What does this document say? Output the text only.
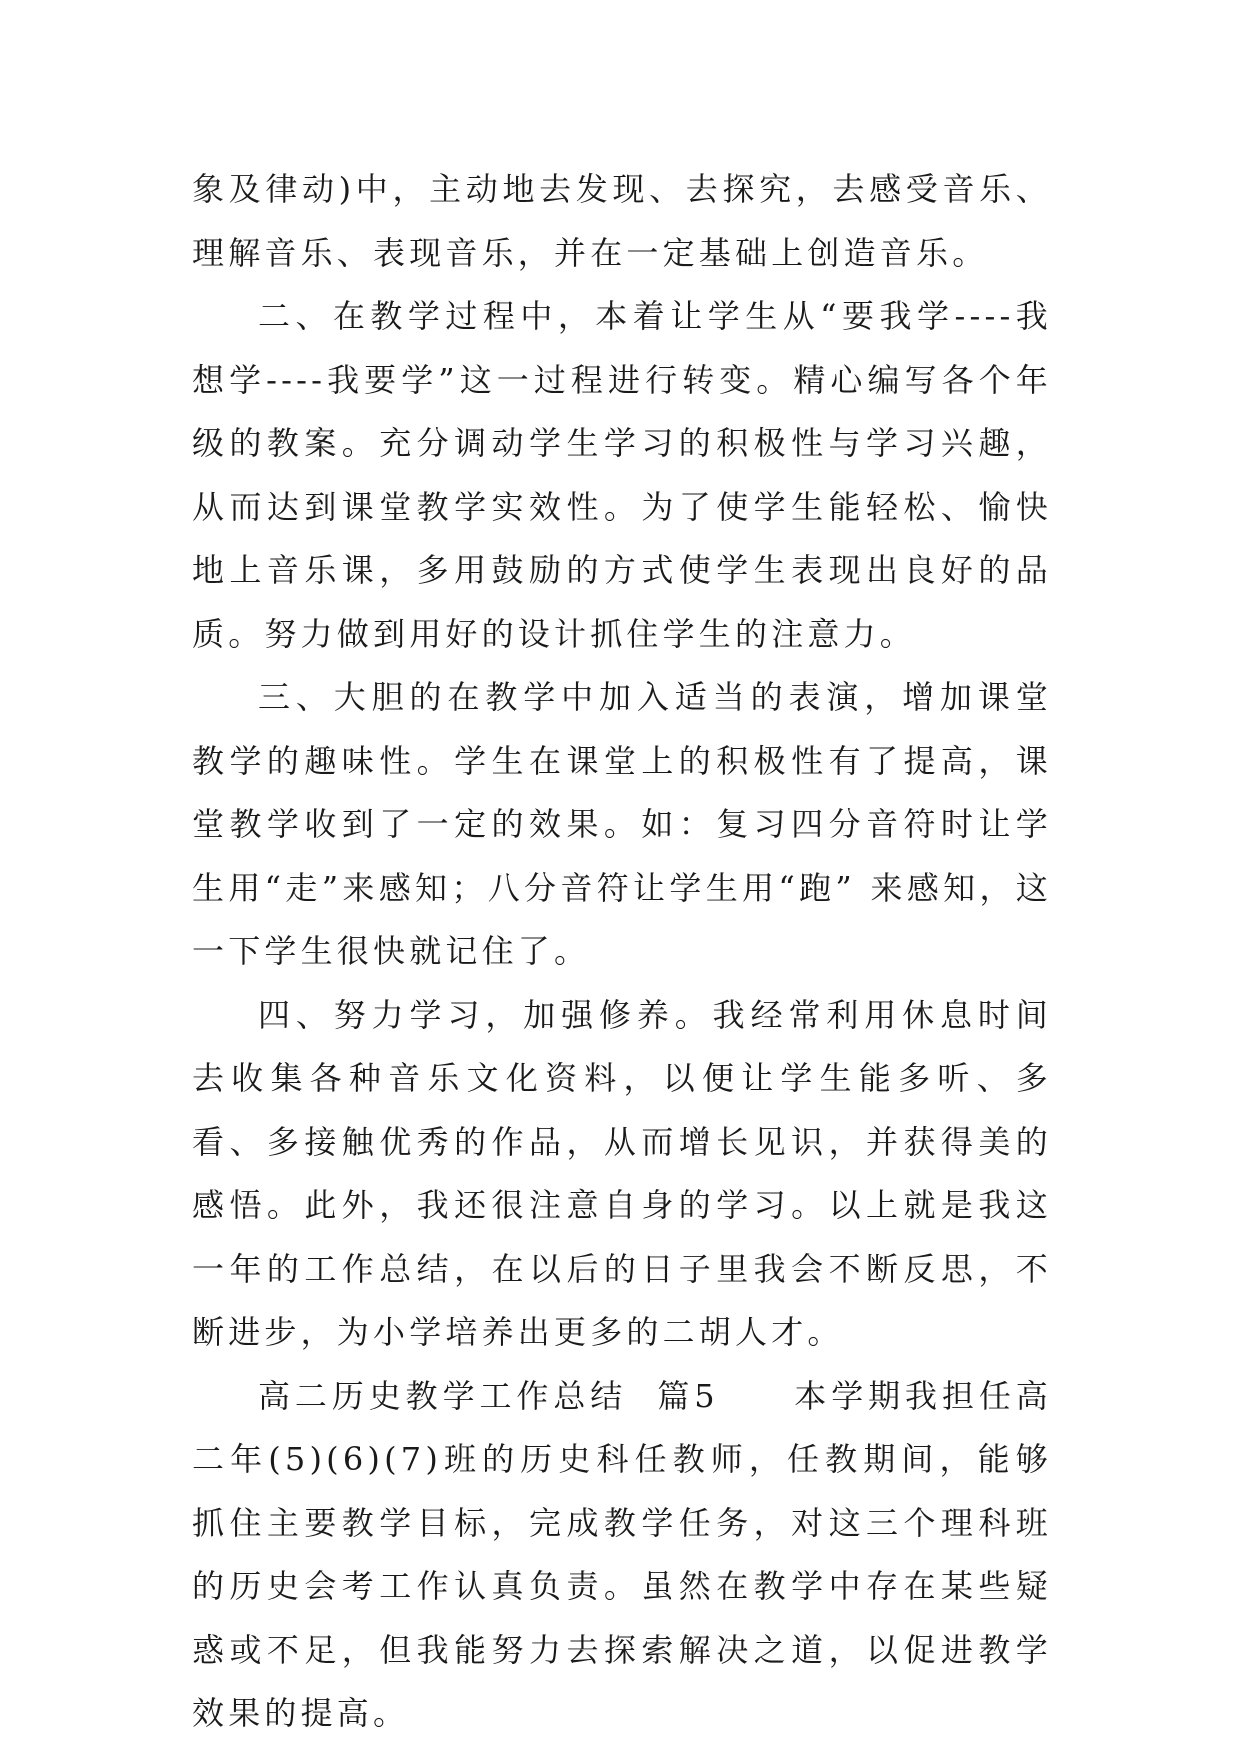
象及律动)中，主动地去发现、去探究，去感受音乐、理解音乐、表现音乐，并在一定基础上创造音乐。

二、在教学过程中，本着让学生从“要我学----我想学----我要学”这一过程进行转变。精心编写各个年级的教案。充分调动学生学习的积极性与学习兴趣，从而达到课堂教学实效性。为了使学生能轻松、愉快地上音乐课，多用鼓励的方式使学生表现出良好的品质。努力做到用好的设计抓住学生的注意力。

三、大胆的在教学中加入适当的表演，增加课堂教学的趣味性。学生在课堂上的积极性有了提高，课堂教学收到了一定的效果。如：复习四分音符时让学生用“走”来感知；八分音符让学生用“跑” 来感知，这一下学生很快就记住了。

四、努力学习，加强修养。我经常利用休息时间去收集各种音乐文化资料，以便让学生能多听、多看、多接触优秀的作品，从而增长见识，并获得美的感悟。此外，我还很注意自身的学习。以上就是我这一年的工作总结，在以后的日子里我会不断反思，不断进步，为小学培养出更多的二胡人才。

高二历史教学工作总结  篇5     本学期我担任高二年(5)(6)(7)班的历史科任教师，任教期间，能够抓住主要教学目标，完成教学任务，对这三个理科班的历史会考工作认真负责。虽然在教学中存在某些疑惑或不足，但我能努力去探索解决之道，以促进教学效果的提高。
